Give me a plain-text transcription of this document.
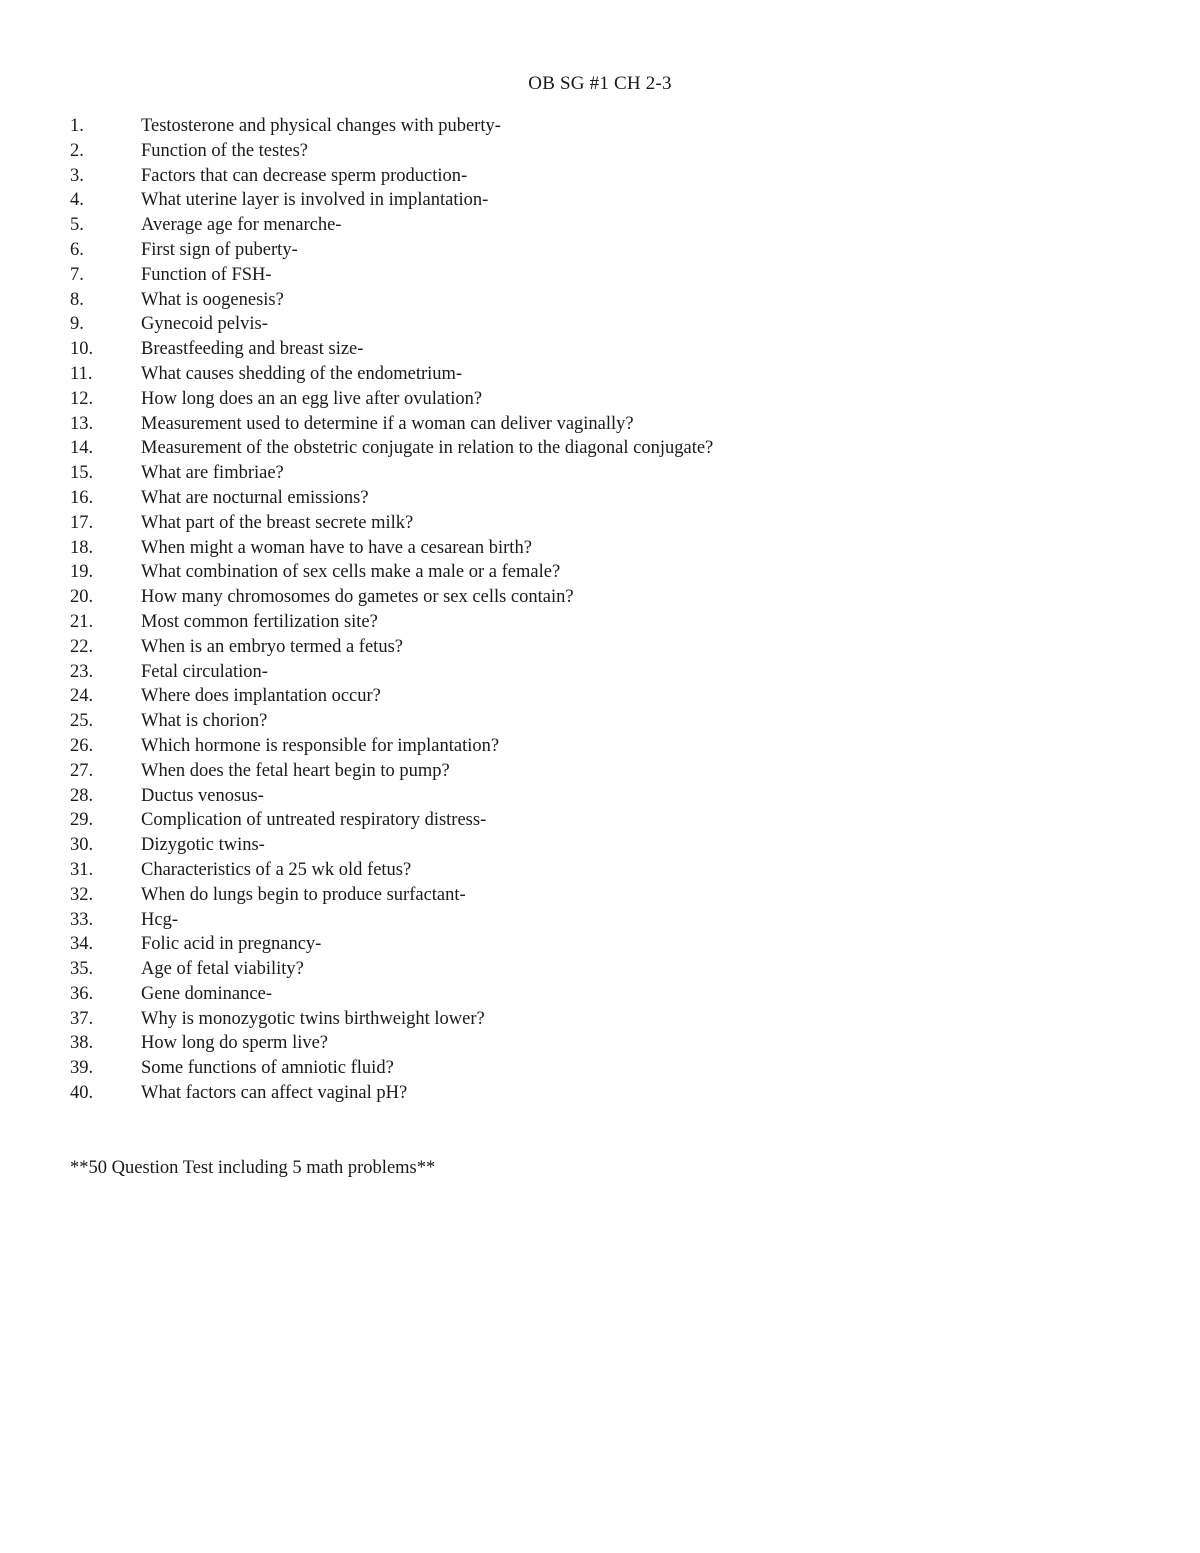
OB SG #1 CH 2-3
1.	Testosterone and physical changes with puberty-
2.	Function of the testes?
3.	Factors that can decrease sperm production-
4.	What uterine layer is involved in implantation-
5.	Average age for menarche-
6.	First sign of puberty-
7.	Function of FSH-
8.	What is oogenesis?
9.	Gynecoid pelvis-
10.	Breastfeeding and breast size-
11.	What causes shedding of the endometrium-
12.	How long does an an egg live after ovulation?
13.	Measurement used to determine if a woman can deliver vaginally?
14.	Measurement of the obstetric conjugate in relation to the diagonal conjugate?
15.	What are fimbriae?
16.	What are nocturnal emissions?
17.	What part of the breast secrete milk?
18.	When might a woman have to have a cesarean birth?
19.	What combination of sex cells make a male or a female?
20.	How many chromosomes do gametes or sex cells contain?
21.	Most common fertilization site?
22.	When is an embryo termed a fetus?
23.	Fetal circulation-
24.	Where does implantation occur?
25.	What is chorion?
26.	Which hormone is responsible for implantation?
27.	When does the fetal heart begin to pump?
28.	Ductus venosus-
29.	Complication of untreated respiratory distress-
30.	Dizygotic twins-
31.	Characteristics of a 25 wk old fetus?
32.	When do lungs begin to produce surfactant-
33.	Hcg-
34.	Folic acid in pregnancy-
35.	Age of fetal viability?
36.	Gene dominance-
37.	Why is monozygotic twins birthweight lower?
38.	How long do sperm live?
39.	Some functions of amniotic fluid?
40.	What factors can affect vaginal pH?
**50 Question Test including 5 math problems**
